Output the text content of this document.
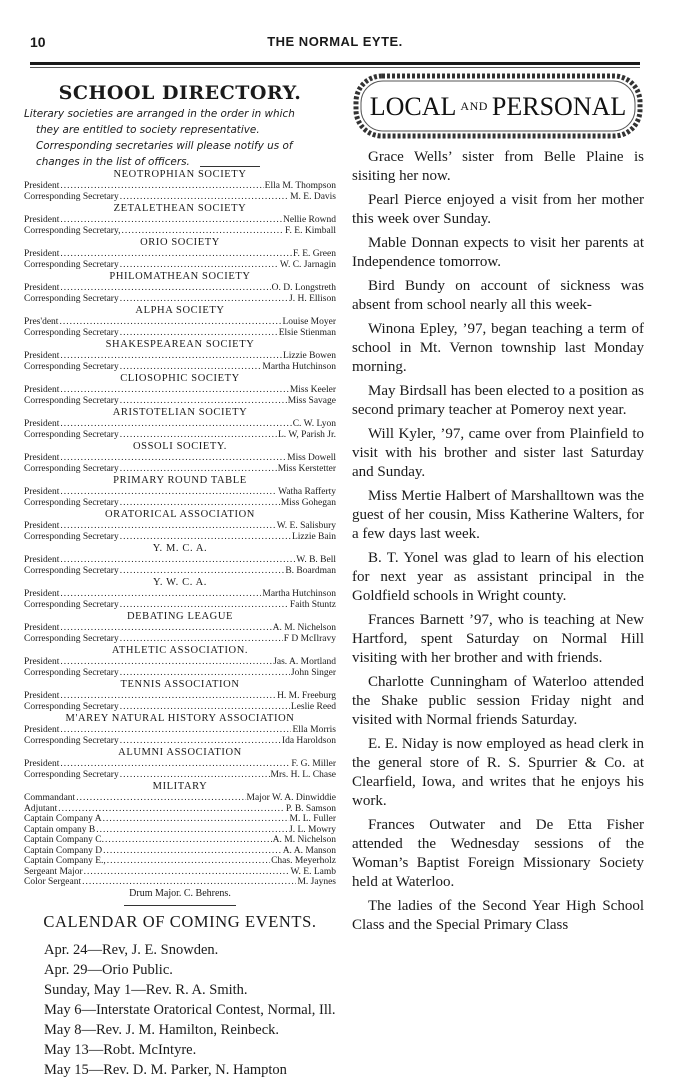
10	THE NORMAL EYTE.
SCHOOL DIRECTORY.

Literary societies are arranged in the order in which
they are entitled to society representative. Corresponding secretaries will please notify us of changes in the list of officers.

NEOTROPHIAN SOCIETY
President .....	Ella M. Thompson
Corresponding Secretary .....	M. E. Davis
ZETALETHEAN SOCIETY
President .....	Nellie Rownd
Corresponding Secretary, .....	F. E. Kimball
ORIO SOCIETY
President .....	F. E. Green
Corresponding Secretary .....	W. C. Jarnagin
PHILOMATHEAN SOCIETY
President .....	O. D. Longstreth
Corresponding Secretary .....	J. H. Ellison
ALPHA SOCIETY
Pres'dent .....	Louise Moyer
Corresponding Secretary .....	Elsie Stienman
SHAKESPEAREAN SOCIETY
President .....	Lizzie Bowen
Corresponding Secretary .....	Martha Hutchinson
CLIOSOPHIC SOCIETY
President .....	Miss Keeler
Corresponding Secretary .....	Miss Savage
ARISTOTELIAN SOCIETY
President .....	C. W. Lyon
Corresponding Secretary .....	L. W, Parish Jr.
OSSOLI SOCIETY.
President .....	Miss Dowell
Corresponding Secretary .....	Miss Kerstetter
PRIMARY ROUND TABLE
President .....	Watha Rafferty
Corresponding Secretary .....	Miss Gohegan
ORATORICAL ASSOCIATION
President .....	W. E. Salisbury
Corresponding Secretary .....	Lizzie Bain
Y. M. C. A.
President .....	W. B. Bell
Corresponding Secretary .....	B. Boardman
Y. W. C. A.
President .....	Martha Hutchinson
Corresponding Secretary .....	Faith Stuntz
DEBATING LEAGUE
President .....	A. M. Nichelson
Corresponding Secretary .....	F D McIlravy
ATHLETIC ASSOCIATION.
President .....	Jas. A. Mortland
Corresponding Secretary .....	John Singer
TENNIS ASSOCIATION
President .....	H. M. Freeburg
Corresponding Secretary .....	Leslie Reed
M'AREY NATURAL HISTORY ASSOCIATION
President .....	Ella Morris
Corresponding Secretary .....	Ida Haroldson
ALUMNI ASSOCIATION
President .....	F. G. Miller
Corresponding Secretary .....	Mrs. H. L. Chase
MILITARY
Commandant .....	Major W. A. Dinwiddie
Adjutant .....	P. B. Samson
Captain Company A .....	M. L. Fuller
Captain ompany B .....	J. L. Mowry
Captain Company C. .....	A. M. Nichelson
Captain Company D .....	A. A. Manson
Captain Company E., .....	Chas. Meyerholz
Sergeant Major .....	W. E. Lamb
Color Sergeant .....	M. Jaynes
Drum Major. C. Behrens.
CALENDAR OF COMING EVENTS.
Apr. 24—Rev, J. E. Snowden.
Apr. 29—Orio Public.
Sunday, May 1—Rev. R. A. Smith.
May 6—Interstate Oratorical Contest, Normal, Ill.
May 8—Rev. J. M. Hamilton, Reinbeck.
May 13—Robt. McIntyre.
May 15—Rev. D. M. Parker, N. Hampton
LOCAL AND PERSONAL

Grace Wells’ sister from Belle Plaine is sisiting her now.

Pearl Pierce enjoyed a visit from her mother this week over Sunday.

Mable Donnan expects to visit her parents at Independence tomorrow.

Bird Bundy on account of sickness was absent from school nearly all this week-

Winona Epley, ’97, began teaching a term of school in Mt. Vernon township last Monday morning.

May Birdsall has been elected to a position as second primary teacher at Pomeroy next year.

Will Kyler, ’97, came over from Plainfield to visit with his brother and sister last Saturday and Sunday.

Miss Mertie Halbert of Marshalltown was the guest of her cousin, Miss Katherine Walters, for a few days last week.

B. T. Yonel was glad to learn of his election for next year as assistant principal in the Goldfield schools in Wright county.

Frances Barnett ’97, who is teaching at New Hartford, spent Saturday on Normal Hill visiting with her brother and with friends.

Charlotte Cunningham of Waterloo attended the Shake public session Friday night and visited with Normal friends Saturday.

E. E. Niday is now employed as head clerk in the general store of R. S. Spurrier & Co. at Clearfield, Iowa, and writes that he enjoys his work.

Frances Outwater and De Etta Fisher attended the Wednesday sessions of the Woman’s Baptist Foreign Missionary Society held at Waterloo.

The ladies of the Second Year High School Class and the Special Primary Class
